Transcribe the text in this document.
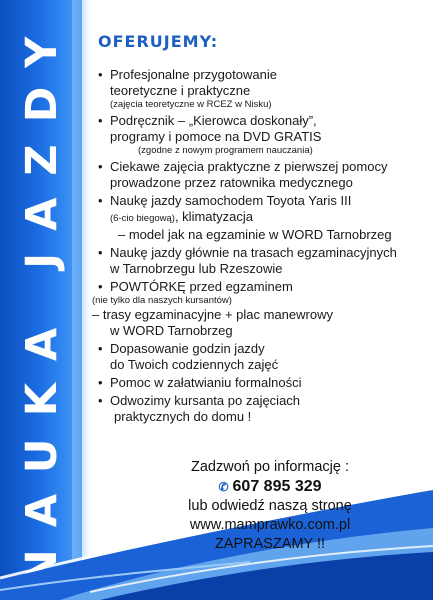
NAUKA JAZDY OFERUJEMY:
• Profesjonalne przygotowanie
teoretyczne i praktyczne
(zajęcia teoretyczne w RCEZ w Nisku)
• Podręcznik – „Kierowca doskonały”,
programy i pomoce na DVD GRATIS
(zgodne z nowym programem nauczania)
• Ciekawe zajęcia praktyczne z pierwszej pomocy
prowadzone przez ratownika medycznego
• Naukę jazdy samochodem Toyota Yaris III
(6-cio biegową), klimatyzacja
– model jak na egzaminie w WORD Tarnobrzeg
• Naukę jazdy głównie na trasach egzaminacyjnych
w Tarnobrzegu lub Rzeszowie
• POWTÓRKĘ przed egzaminem
(nie tylko dla naszych kursantów)
– trasy egzaminacyjne + plac manewrowy
w WORD Tarnobrzeg
• Dopasowanie godzin jazdy
do Twoich codziennych zajęć
• Pomoc w załatwianiu formalności
• Odwozimy kursanta po zajęciach
praktycznych do domu !
Zadzwoń po informację :
✆ 607 895 329
lub odwiedź naszą stronę
www.mamprawko.com.pl
ZAPRASZAMY !!
